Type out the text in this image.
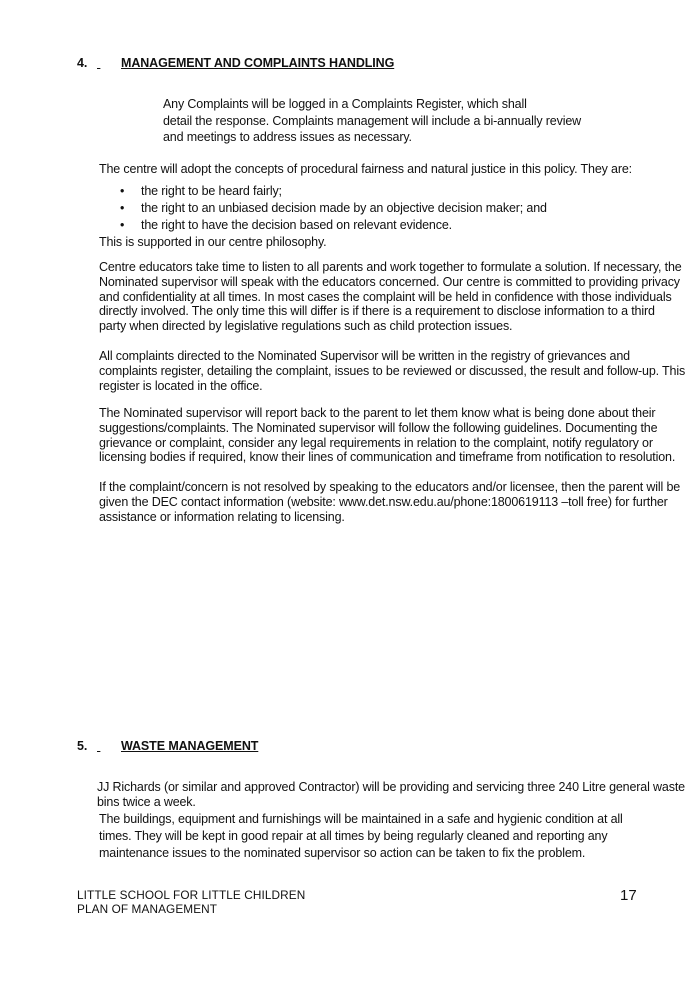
4.	MANAGEMENT AND COMPLAINTS HANDLING
Any Complaints will be logged in a Complaints Register, which shall
detail the response. Complaints management will include a bi-annually review
and meetings to address issues as necessary.
The centre will adopt the concepts of procedural fairness and natural justice in this policy. They are:
• the right to be heard fairly;
• the right to an unbiased decision made by an objective decision maker; and
• the right to have the decision based on relevant evidence.
This is supported in our centre philosophy.
Centre educators take time to listen to all parents and work together to formulate a solution. If necessary, the
Nominated supervisor will speak with the educators concerned. Our centre is committed to providing privacy
and confidentiality at all times. In most cases the complaint will be held in confidence with those individuals
directly involved. The only time this will differ is if there is a requirement to disclose information to a third
party when directed by legislative regulations such as child protection issues.
All complaints directed to the Nominated Supervisor will be written in the registry of grievances and
complaints register, detailing the complaint, issues to be reviewed or discussed, the result and follow-up. This
register is located in the office.
The Nominated supervisor will report back to the parent to let them know what is being done about their
suggestions/complaints. The Nominated supervisor will follow the following guidelines. Documenting the
grievance or complaint, consider any legal requirements in relation to the complaint, notify regulatory or
licensing bodies if required, know their lines of communication and timeframe from notification to resolution.
If the complaint/concern is not resolved by speaking to the educators and/or licensee, then the parent will be
given the DEC contact information (website: www.det.nsw.edu.au/phone:1800619113 –toll free) for further
assistance or information relating to licensing.
5.	WASTE MANAGEMENT
JJ Richards (or similar and approved Contractor) will be providing and servicing three 240 Litre general waste
bins twice a week.
The buildings, equipment and furnishings will be maintained in a safe and hygienic condition at all
times. They will be kept in good repair at all times by being regularly cleaned and reporting any
maintenance issues to the nominated supervisor so action can be taken to fix the problem.
LITTLE SCHOOL FOR LITTLE CHILDREN
PLAN OF MANAGEMENT
17
